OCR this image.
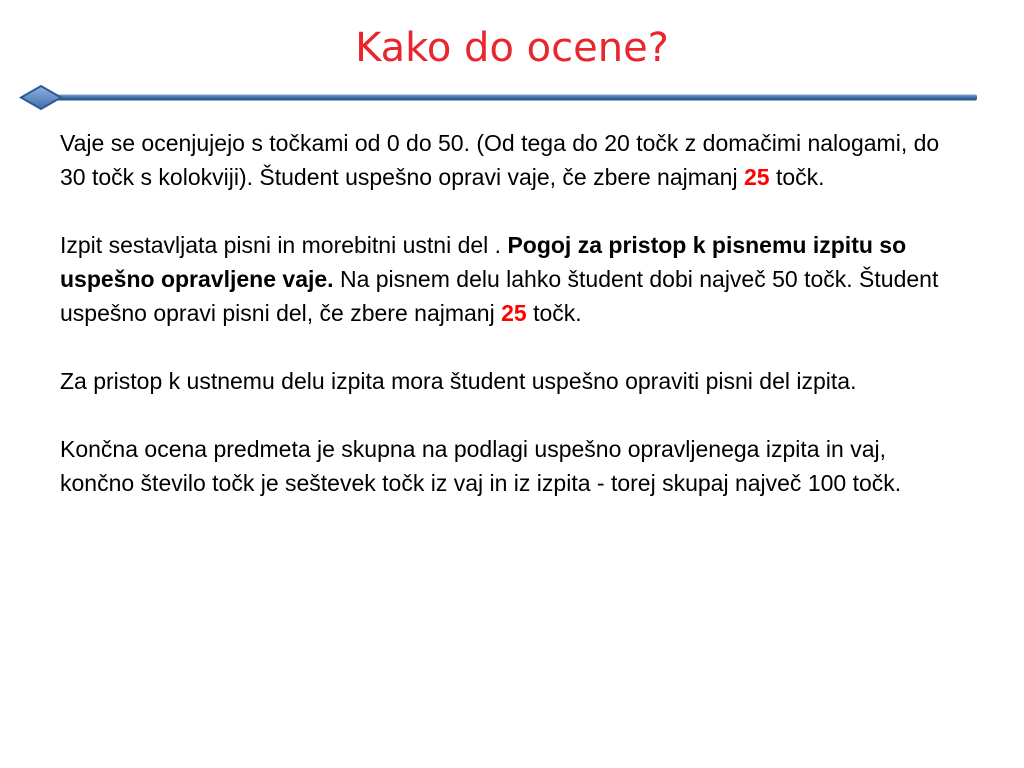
Kako do ocene?

Vaje se ocenjujejo s točkami od 0 do 50. (Od tega do 20 točk z domačimi nalogami, do 30 točk s kolokviji). Študent uspešno opravi vaje, če zbere najmanj 25 točk.

Izpit sestavljata pisni in morebitni ustni del . Pogoj za pristop k pisnemu izpitu so uspešno opravljene vaje. Na pisnem delu lahko študent dobi največ 50 točk. Študent uspešno opravi pisni del, če zbere najmanj 25 točk.

Za pristop k ustnemu delu izpita mora študent uspešno opraviti pisni del izpita.

Končna ocena predmeta je skupna na podlagi uspešno opravljenega izpita in vaj, končno število točk je seštevek točk iz vaj in iz izpita - torej skupaj največ 100 točk.
